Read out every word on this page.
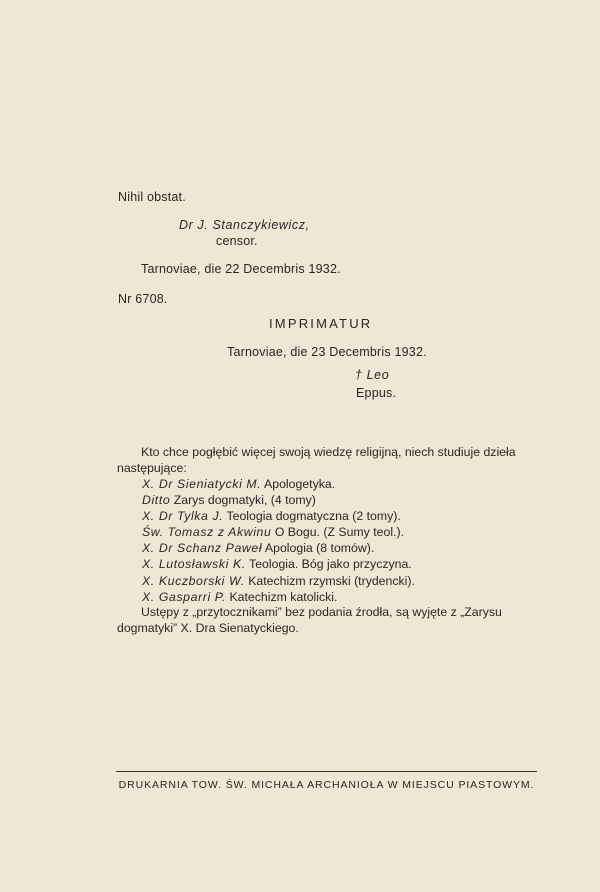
Nihil obstat.
Dr J. Stanczykiewicz,
censor.
Tarnoviae, die 22 Decembris 1932.
Nr 6708.
IMPRIMATUR
Tarnoviae, die 23 Decembris 1932.
† Leo
Eppus.
Kto chce pogłębić więcej swoją wiedzę religijną, niech studiuje dzieła
następujące:
X. Dr Sieniatycki M. Apologetyka.
Ditto Zarys dogmatyki, (4 tomy)
X. Dr Tylka J. Teologia dogmatyczna (2 tomy).
Św. Tomasz z Akwinu O Bogu. (Z Sumy teol.).
X. Dr Schanz Paweł Apologia (8 tomów).
X. Lutosławski K. Teologia. Bóg jako przyczyna.
X. Kuczborski W. Katechizm rzymski (trydencki).
X. Gasparri P. Katechizm katolicki.
Ustępy z „przytocznikami” bez podania źrodła, są wyjęte z „Zarysu
dogmatyki” X. Dra Sienatyckiego.
DRUKARNIA TOW. ŚW. MICHAŁA ARCHANIOŁA W MIEJSCU PIASTOWYM.
